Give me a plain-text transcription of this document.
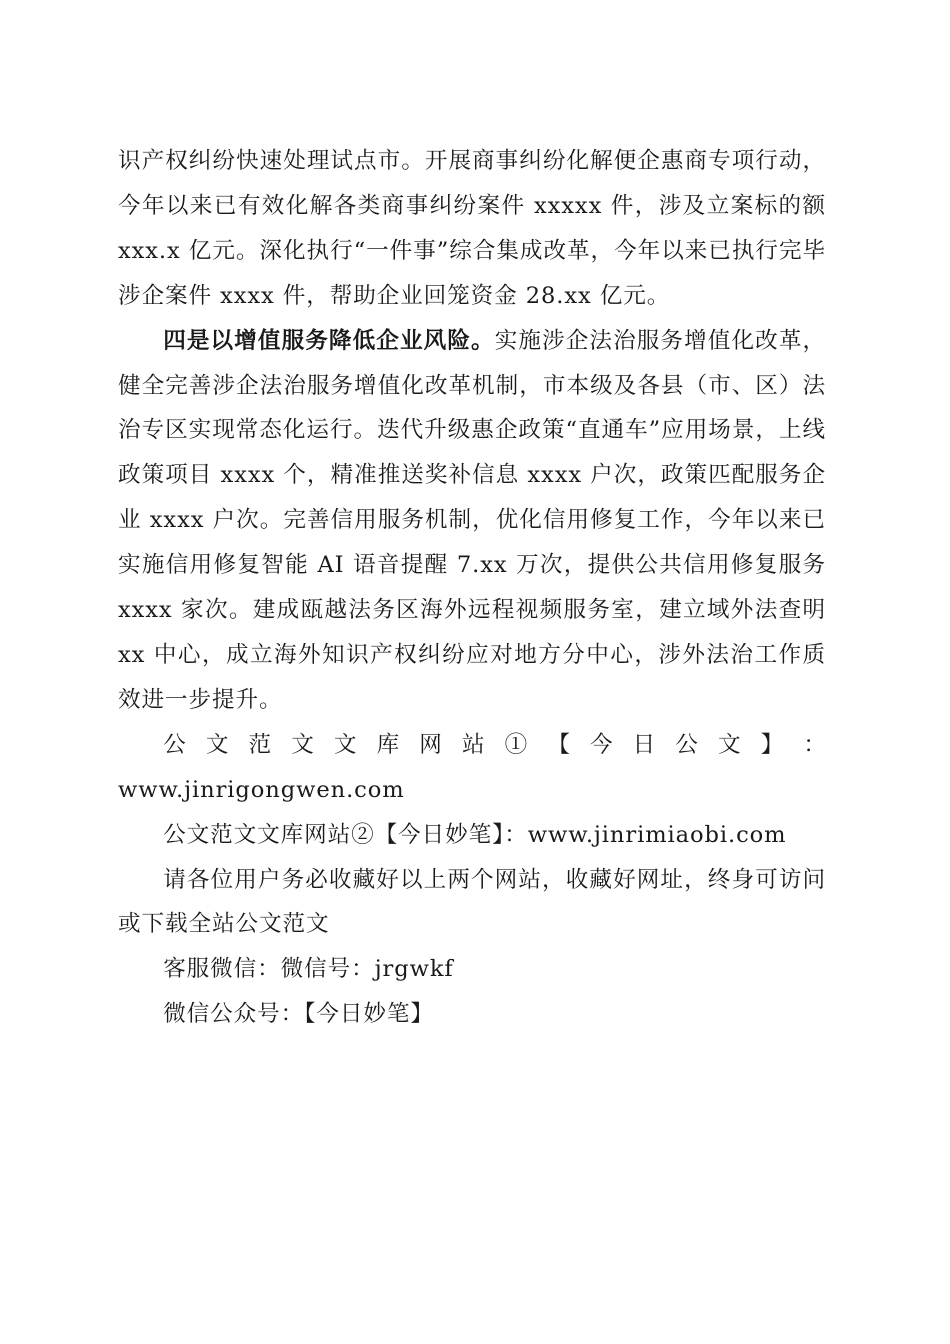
识产权纠纷快速处理试点市。开展商事纠纷化解便企惠商专项行动，今年以来已有效化解各类商事纠纷案件 xxxxx 件，涉及立案标的额 xxx.x 亿元。深化执行“一件事”综合集成改革，今年以来已执行完毕涉企案件 xxxx 件，帮助企业回笼资金 28.xx 亿元。

四是以增值服务降低企业风险。实施涉企法治服务增值化改革，健全完善涉企法治服务增值化改革机制，市本级及各县（市、区）法治专区实现常态化运行。迭代升级惠企政策“直通车”应用场景，上线政策项目 xxxx 个，精准推送奖补信息 xxxx 户次，政策匹配服务企业 xxxx 户次。完善信用服务机制，优化信用修复工作，今年以来已实施信用修复智能 AI 语音提醒 7.xx 万次，提供公共信用修复服务 xxxx 家次。建成瓯越法务区海外远程视频服务室，建立域外法查明 xx 中心，成立海外知识产权纠纷应对地方分中心，涉外法治工作质效进一步提升。

公 文 范 文 文 库 网 站 ① 【 今 日 公 文 】 ：
www.jinrigongwen.com

公文范文文库网站②【今日妙笔】：www.jinrimiaobi.com

请各位用户务必收藏好以上两个网站，收藏好网址，终身可访问或下载全站公文范文

客服微信：微信号：jrgwkf

微信公众号：【今日妙笔】
